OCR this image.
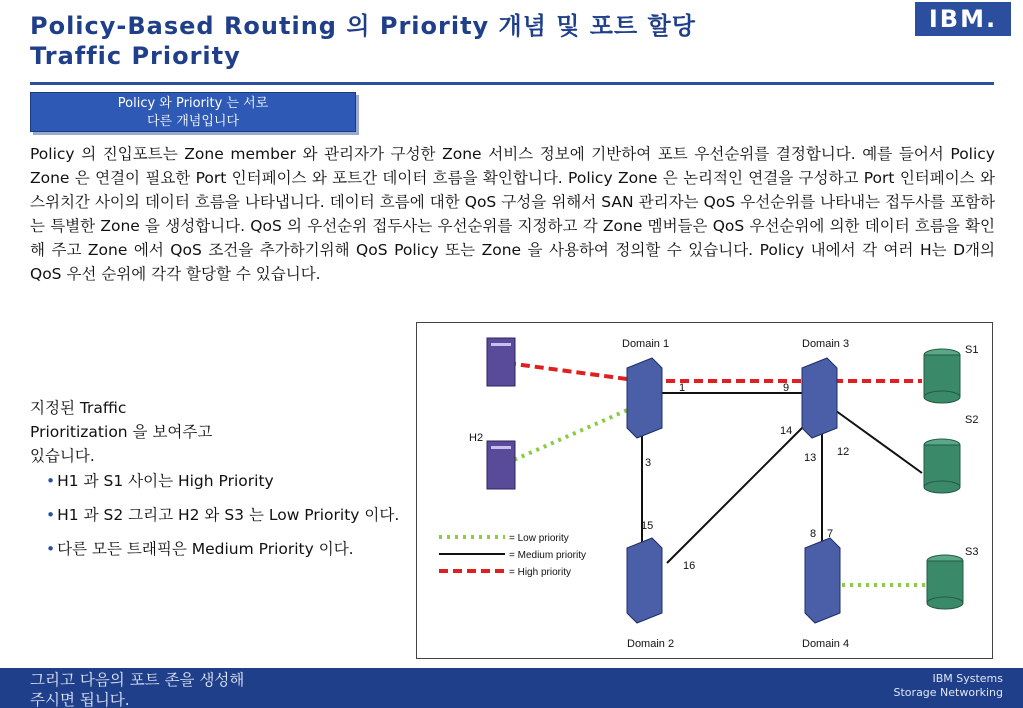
Policy-Based Routing 의 Priority 개념 및 포트 할당
Traffic Priority
IBM.
Policy 와 Priority 는 서로
다른 개념입니다

Policy 의 진입포트는 Zone member 와 관리자가 구성한 Zone 서비스 정보에 기반하여 포트 우선순위를 결정합니다. 예를 들어서 Policy Zone 은 연결이 필요한 Port 인터페이스 와 포트간 데이터 흐름을 확인합니다. Policy Zone 은 논리적인 연결을 구성하고 Port 인터페이스 와 스위치간 사이의 데이터 흐름을 나타냅니다. 데이터 흐름에 대한 QoS 구성을 위해서 SAN 관리자는 QoS 우선순위를 나타내는 접두사를 포함하는 특별한 Zone 을 생성합니다. QoS 의 우선순위 접두사는 우선순위를 지정하고 각 Zone 멤버들은 QoS 우선순위에 의한 데이터 흐름을 확인해 주고 Zone 에서 QoS 조건을 추가하기위해 QoS Policy 또는 Zone 을 사용하여 정의할 수 있습니다. Policy 내에서 각 여러 H는 D개의 QoS 우선 순위에 각각 할당할 수 있습니다.

지정된 Traffic
Prioritization 을 보여주고
있습니다.
• H1 과 S1 사이는 High Priority
• H1 과 S2 그리고 H2 와 S3 는 Low Priority 이다.
• 다른 모든 트래픽은 Medium Priority 이다.
H2
Domain 1	Domain 3
Domain 2	Domain 4
S1
S2
S3
1
3
9
14
13 12
15
16
8 7
= Low priority
= Medium priority
= High priority
그리고 다음의 포트 존을 생성해
주시면 됩니다.
IBM Systems
Storage Networking
